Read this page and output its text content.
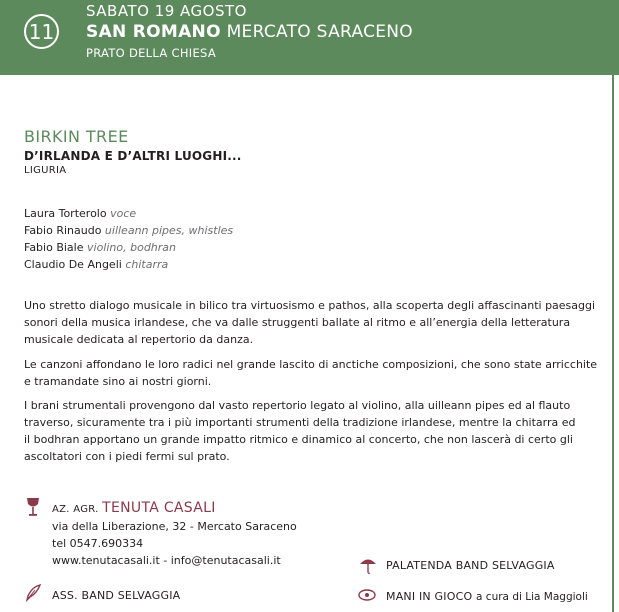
11
SABATO 19 AGOSTO
SAN ROMANO MERCATO SARACENO
PRATO DELLA CHIESA
BIRKIN TREE
D’IRLANDA E D’ALTRI LUOGHI...
LIGURIA
Laura Torterolo voce
Fabio Rinaudo uilleann pipes, whistles
Fabio Biale violino, bodhran
Claudio De Angeli chitarra
Uno stretto dialogo musicale in bilico tra virtuosismo e pathos, alla scoperta degli affascinanti paesaggi
sonori della musica irlandese, che va dalle struggenti ballate al ritmo e all’energia della letteratura
musicale dedicata al repertorio da danza.
Le canzoni affondano le loro radici nel grande lascito di anctiche composizioni, che sono state arricchite
e tramandate sino ai nostri giorni.
I brani strumentali provengono dal vasto repertorio legato al violino, alla uilleann pipes ed al flauto
traverso, sicuramente tra i più importanti strumenti della tradizione irlandese, mentre la chitarra ed
il bodhran apportano un grande impatto ritmico e dinamico al concerto, che non lascerà di certo gli
ascoltatori con i piedi fermi sul prato.
AZ. AGR. TENUTA CASALI
via della Liberazione, 32 - Mercato Saraceno
tel 0547.690334
www.tenutacasali.it - info@tenutacasali.it
ASS. BAND SELVAGGIA
PALATENDA BAND SELVAGGIA
MANI IN GIOCO a cura di Lia Maggioli
